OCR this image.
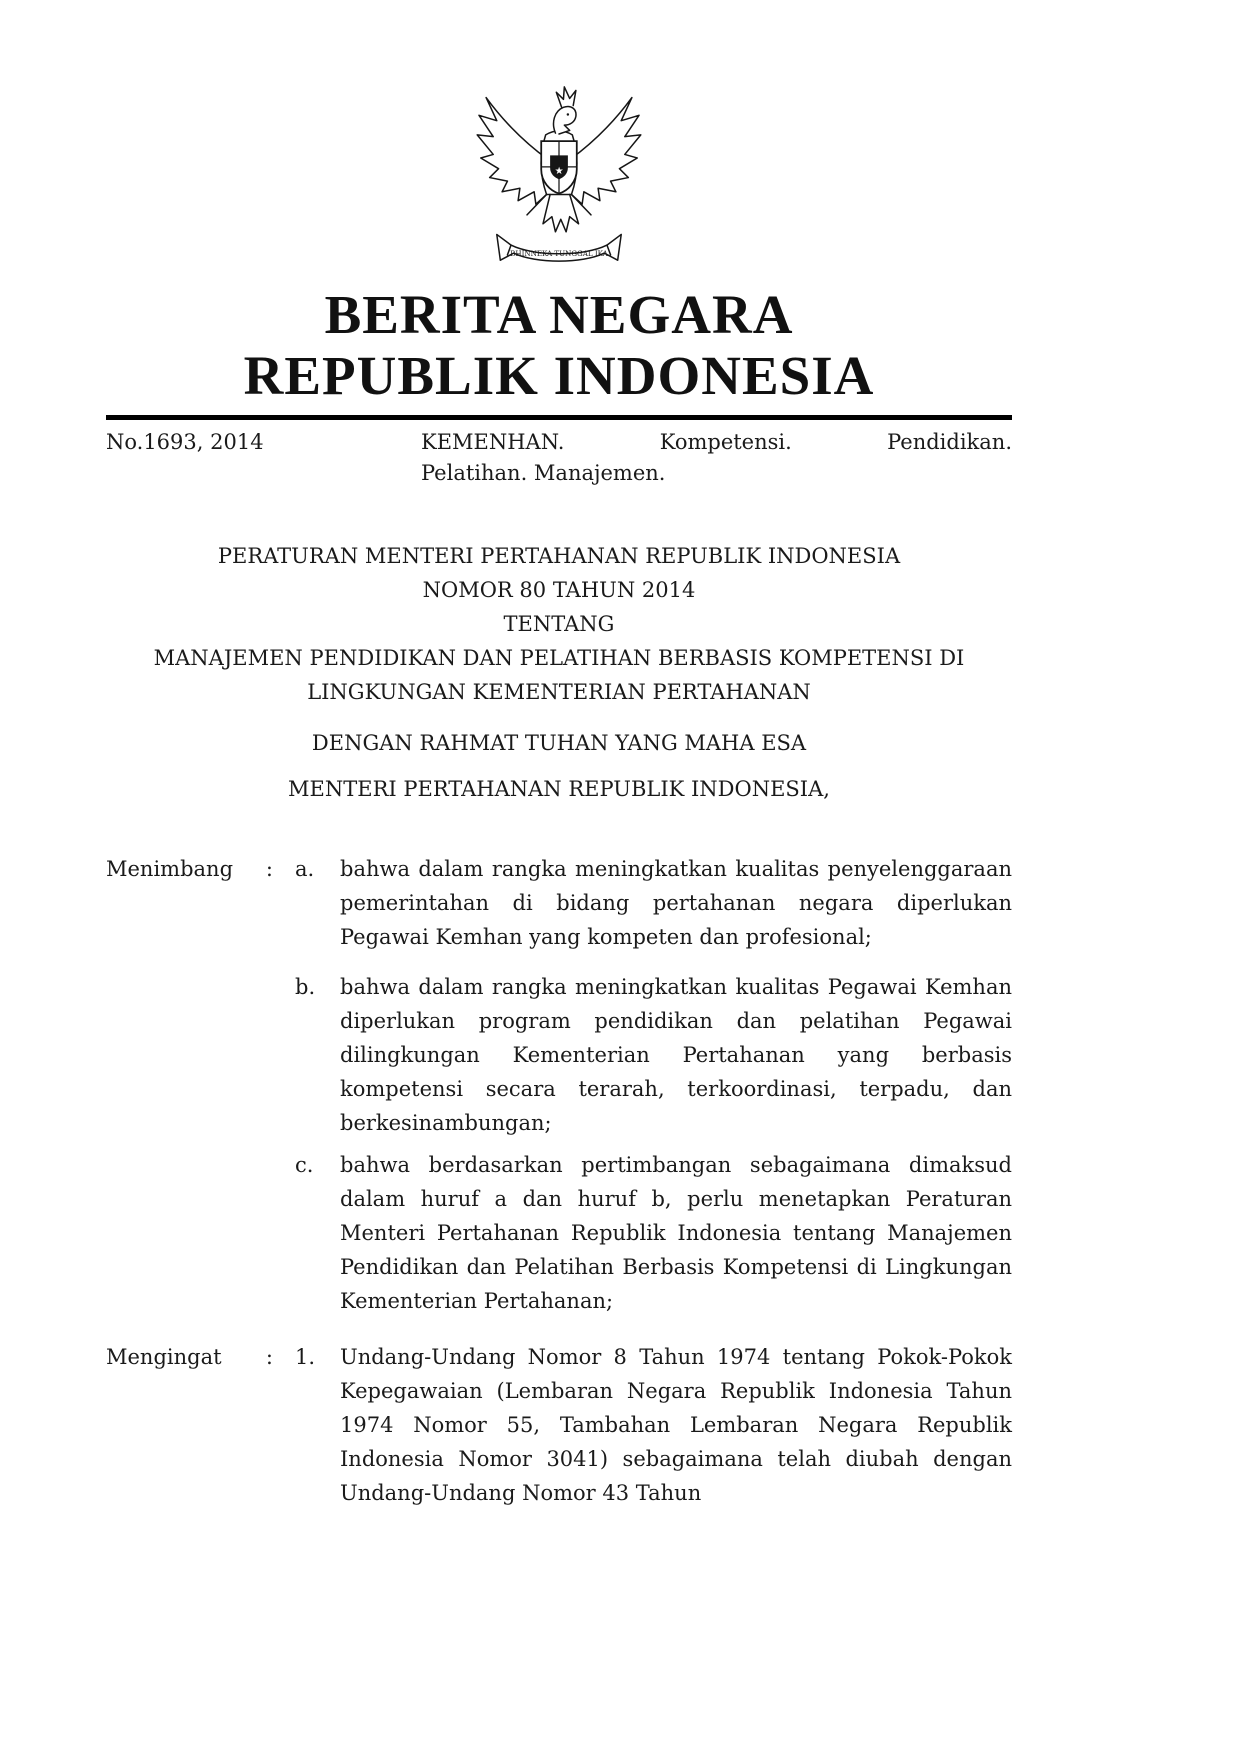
★
BHINNEKA TUNGGAL IKA
BERITA NEGARA
REPUBLIK INDONESIA
No.1693, 2014	KEMENHAN. Kompetensi. Pendidikan.
Pelatihan. Manajemen.
PERATURAN MENTERI PERTAHANAN REPUBLIK INDONESIA
NOMOR 80 TAHUN 2014
TENTANG
MANAJEMEN PENDIDIKAN DAN PELATIHAN BERBASIS KOMPETENSI DI LINGKUNGAN KEMENTERIAN PERTAHANAN
DENGAN RAHMAT TUHAN YANG MAHA ESA
MENTERI PERTAHANAN REPUBLIK INDONESIA,
Menimbang : a.	bahwa dalam rangka meningkatkan kualitas penyelenggaraan pemerintahan di bidang pertahanan negara diperlukan Pegawai Kemhan yang kompeten dan profesional;
b.	bahwa dalam rangka meningkatkan kualitas Pegawai Kemhan diperlukan program pendidikan dan pelatihan Pegawai dilingkungan Kementerian Pertahanan yang berbasis kompetensi secara terarah, terkoordinasi, terpadu, dan berkesinambungan;
c.	bahwa berdasarkan pertimbangan sebagaimana dimaksud dalam huruf a dan huruf b, perlu menetapkan Peraturan Menteri Pertahanan Republik Indonesia tentang Manajemen Pendidikan dan Pelatihan Berbasis Kompetensi di Lingkungan Kementerian Pertahanan;
Mengingat : 1.	Undang-Undang Nomor 8 Tahun 1974 tentang Pokok-Pokok Kepegawaian (Lembaran Negara Republik Indonesia Tahun 1974 Nomor 55, Tambahan Lembaran Negara Republik Indonesia Nomor 3041) sebagaimana telah diubah dengan Undang-Undang Nomor 43 Tahun
